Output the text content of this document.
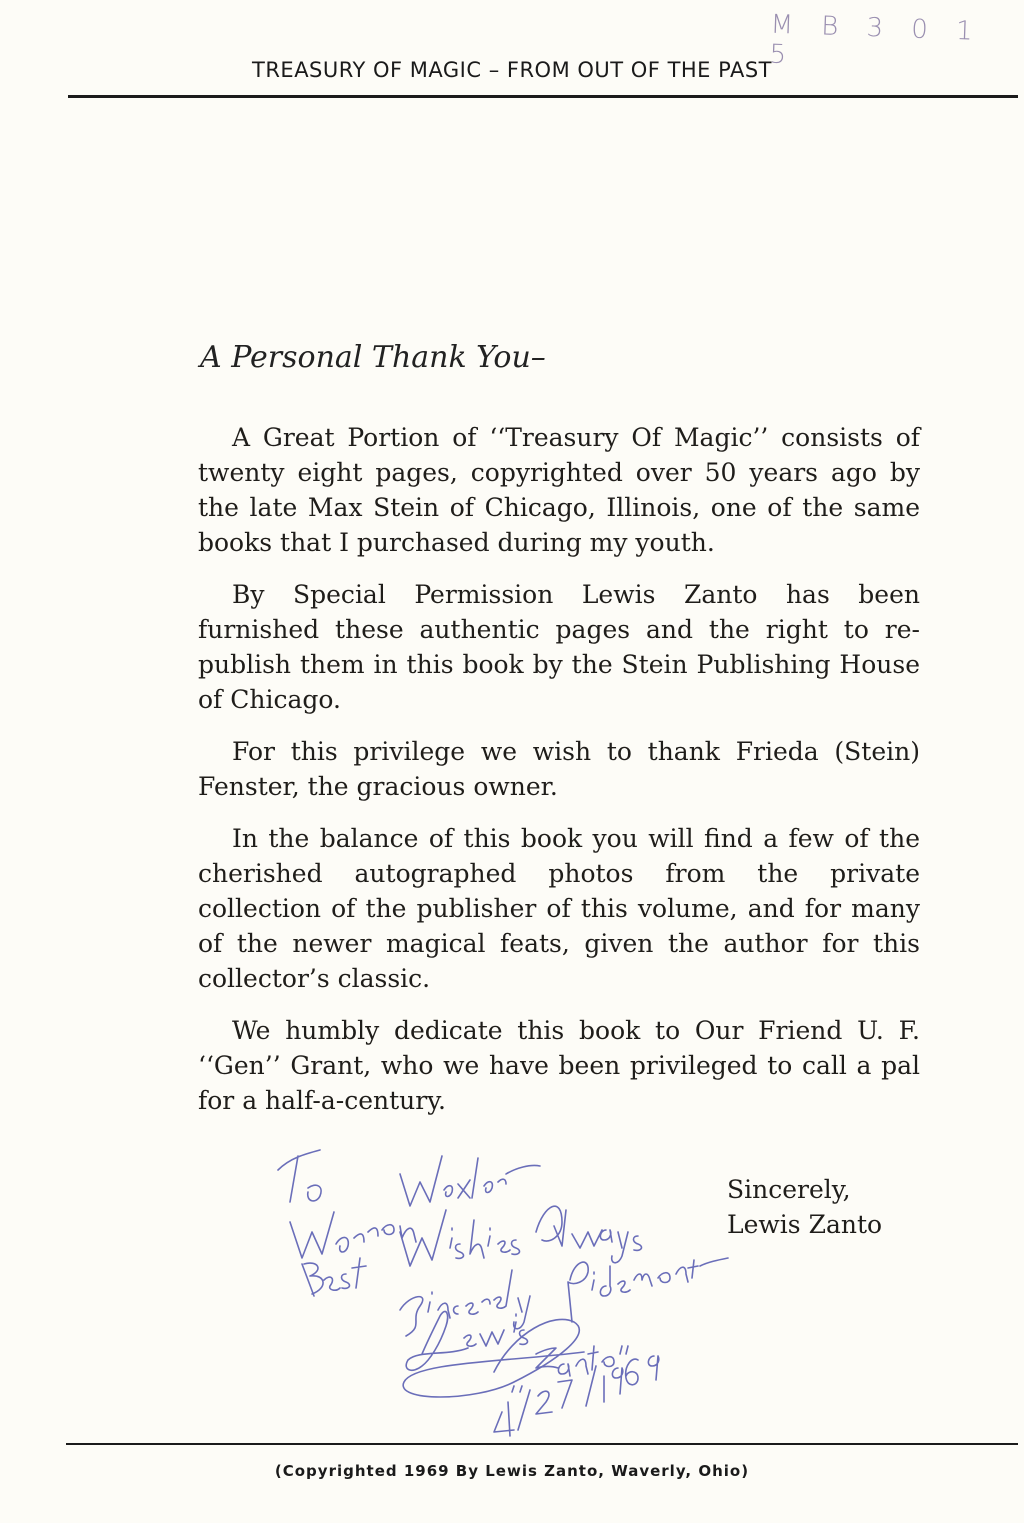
M B 3 0 1 5
TREASURY OF MAGIC – FROM OUT OF THE PAST
A Personal Thank You–

A Great Portion of ‘‘Treasury Of Magic’’ consists of twenty eight pages, copyrighted over 50 years ago by the late Max Stein of Chicago, Illinois, one of the same books that I purchased during my youth.

By Special Permission Lewis Zanto has been furnished these authentic pages and the right to re-publish them in this book by the Stein Publishing House of Chicago.

For this privilege we wish to thank Frieda (Stein) Fenster, the gracious owner.

In the balance of this book you will find a few of the cherished autographed photos from the private collection of the publisher of this volume, and for many of the newer magical feats, given the author for this collector’s classic.

We humbly dedicate this book to Our Friend U. F. ‘‘Gen’’ Grant, who we have been privileged to call a pal for a half-a-century.

To
Sincerely,
Lewis Zanto
(Copyrighted 1969 By Lewis Zanto, Waverly, Ohio)
